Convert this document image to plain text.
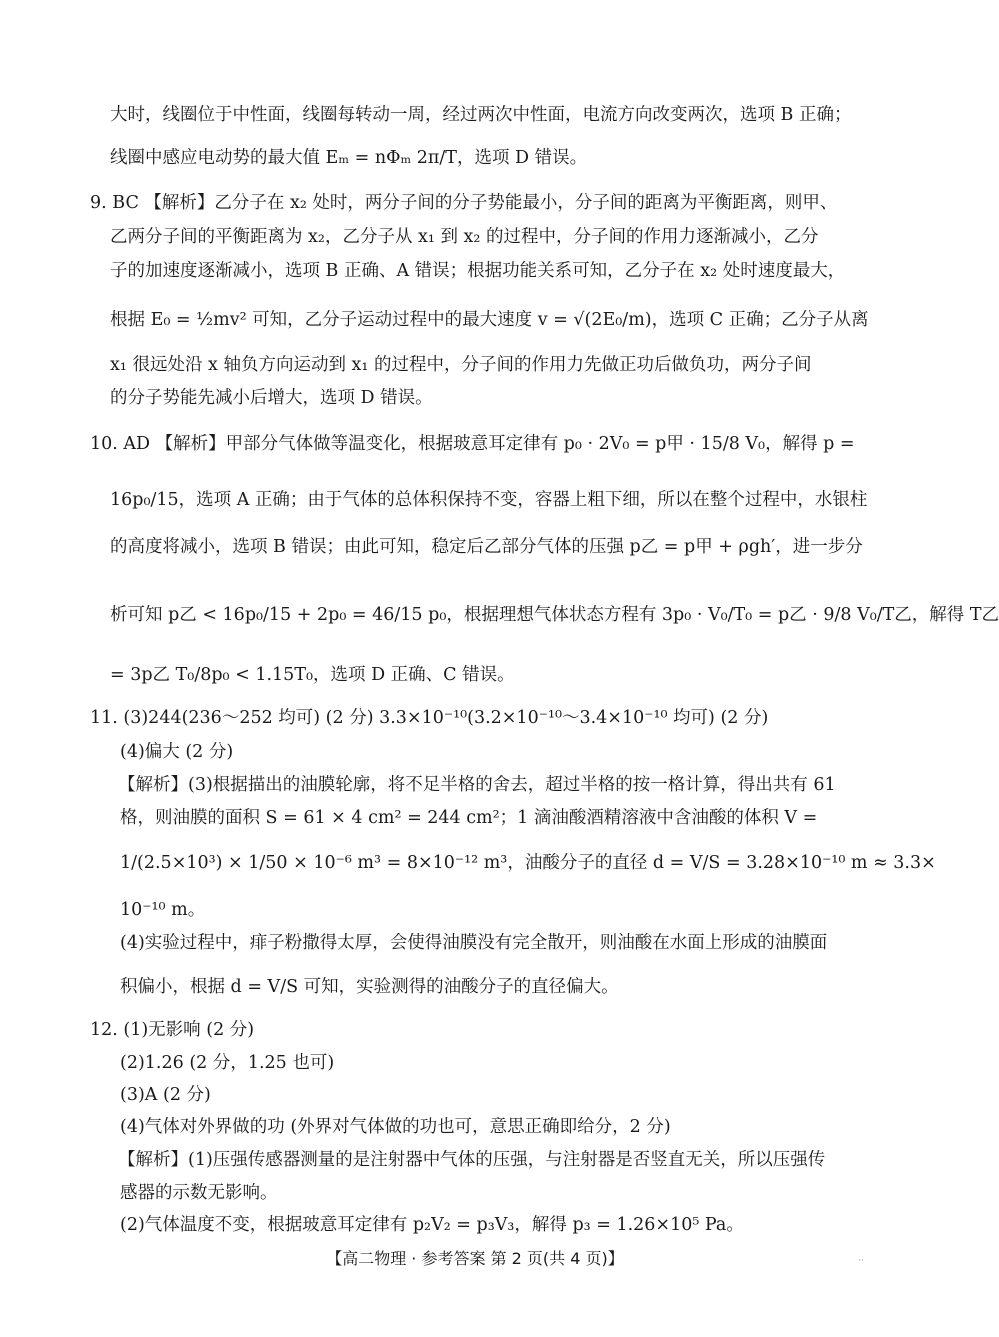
大时，线圈位于中性面，线圈每转动一周，经过两次中性面，电流方向改变两次，选项 B 正确；
线圈中感应电动势的最大值 Eₘ = nΦₘ 2π/T，选项 D 错误。
9. BC 【解析】乙分子在 x₂ 处时，两分子间的分子势能最小，分子间的距离为平衡距离，则甲、
乙两分子间的平衡距离为 x₂，乙分子从 x₁ 到 x₂ 的过程中，分子间的作用力逐渐减小，乙分
子的加速度逐渐减小，选项 B 正确、A 错误；根据功能关系可知，乙分子在 x₂ 处时速度最大，
根据 E₀ = ½mv² 可知，乙分子运动过程中的最大速度 v = √(2E₀/m)，选项 C 正确；乙分子从离
x₁ 很远处沿 x 轴负方向运动到 x₁ 的过程中，分子间的作用力先做正功后做负功，两分子间
的分子势能先减小后增大，选项 D 错误。
10. AD 【解析】甲部分气体做等温变化，根据玻意耳定律有 p₀ · 2V₀ = p甲 · 15/8 V₀，解得 p =
16p₀/15，选项 A 正确；由于气体的总体积保持不变，容器上粗下细，所以在整个过程中，水银柱
的高度将减小，选项 B 错误；由此可知，稳定后乙部分气体的压强 p乙 = p甲 + ρgh′，进一步分
析可知 p乙 < 16p₀/15 + 2p₀ = 46/15 p₀，根据理想气体状态方程有 3p₀ · V₀/T₀ = p乙 · 9/8 V₀/T乙，解得 T乙
= 3p乙 T₀/8p₀ < 1.15T₀，选项 D 正确、C 错误。
11. (3)244(236～252 均可) (2 分) 3.3×10⁻¹⁰(3.2×10⁻¹⁰～3.4×10⁻¹⁰ 均可) (2 分)
(4)偏大 (2 分)
【解析】(3)根据描出的油膜轮廓，将不足半格的舍去，超过半格的按一格计算，得出共有 61
格，则油膜的面积 S = 61 × 4 cm² = 244 cm²；1 滴油酸酒精溶液中含油酸的体积 V =
1/(2.5×10³) × 1/50 × 10⁻⁶ m³ = 8×10⁻¹² m³，油酸分子的直径 d = V/S = 3.28×10⁻¹⁰ m ≈ 3.3×
10⁻¹⁰ m。
(4)实验过程中，痱子粉撒得太厚，会使得油膜没有完全散开，则油酸在水面上形成的油膜面
积偏小，根据 d = V/S 可知，实验测得的油酸分子的直径偏大。
12. (1)无影响 (2 分)
(2)1.26 (2 分，1.25 也可)
(3)A (2 分)
(4)气体对外界做的功 (外界对气体做的功也可，意思正确即给分，2 分)
【解析】(1)压强传感器测量的是注射器中气体的压强，与注射器是否竖直无关，所以压强传
感器的示数无影响。
(2)气体温度不变，根据玻意耳定律有 p₂V₂ = p₃V₃，解得 p₃ = 1.26×10⁵ Pa。
【高二物理 · 参考答案 第 2 页(共 4 页)】	··
